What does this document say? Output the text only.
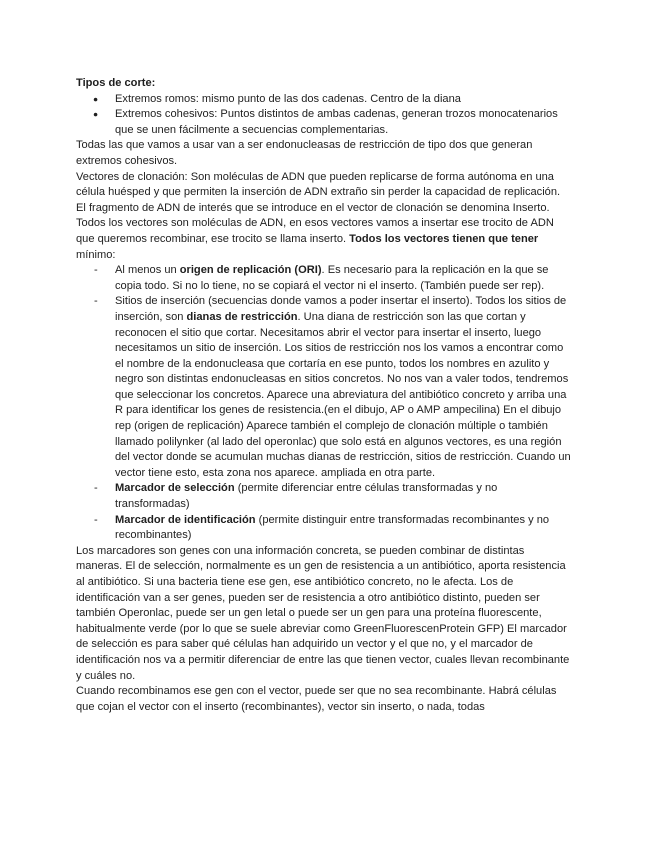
Tipos de corte:

● Extremos romos: mismo punto de las dos cadenas. Centro de la diana
● Extremos cohesivos: Puntos distintos de ambas cadenas, generan trozos monocatenarios que se unen fácilmente a secuencias complementarias.

Todas las que vamos a usar van a ser endonucleasas de restricción de tipo dos que generan extremos cohesivos.

Vectores de clonación: Son moléculas de ADN que pueden replicarse de forma autónoma en una célula huésped y que permiten la inserción de ADN extraño sin perder la capacidad de replicación. El fragmento de ADN de interés que se introduce en el vector de clonación se denomina Inserto.

Todos los vectores son moléculas de ADN, en esos vectores vamos a insertar ese trocito de ADN que queremos recombinar, ese trocito se llama inserto. Todos los vectores tienen que tener mínimo:

- Al menos un origen de replicación (ORI). Es necesario para la replicación en la que se copia todo. Si no lo tiene, no se copiará el vector ni el inserto. (También puede ser rep).
- Sitios de inserción (secuencias donde vamos a poder insertar el inserto). Todos los sitios de inserción, son dianas de restricción. Una diana de restricción son las que cortan y reconocen el sitio que cortar. Necesitamos abrir el vector para insertar el inserto, luego necesitamos un sitio de inserción. Los sitios de restricción nos los vamos a encontrar como el nombre de la endonucleasa que cortaría en ese punto, todos los nombres en azulito y negro son distintas endonucleasas en sitios concretos. No nos van a valer todos, tendremos que seleccionar los concretos. Aparece una abreviatura del antibiótico concreto y arriba una R para identificar los genes de resistencia.(en el dibujo, AP o AMP ampecilina) En el dibujo rep (origen de replicación) Aparece también el complejo de clonación múltiple o también llamado polilynker (al lado del operonlac) que solo está en algunos vectores, es una región del vector donde se acumulan muchas dianas de restricción, sitios de restricción. Cuando un vector tiene esto, esta zona nos aparece. ampliada en otra parte.
- Marcador de selección (permite diferenciar entre células transformadas y no transformadas)
- Marcador de identificación (permite distinguir entre transformadas recombinantes y no recombinantes)

Los marcadores son genes con una información concreta, se pueden combinar de distintas maneras. El de selección, normalmente es un gen de resistencia a un antibiótico, aporta resistencia al antibiótico. Si una bacteria tiene ese gen, ese antibiótico concreto, no le afecta. Los de identificación van a ser genes, pueden ser de resistencia a otro antibiótico distinto, pueden ser también Operonlac, puede ser un gen letal o puede ser un gen para una proteína fluorescente, habitualmente verde (por lo que se suele abreviar como GreenFluorescenProtein GFP) El marcador de selección es para saber qué células han adquirido un vector y el que no, y el marcador de identificación nos va a permitir diferenciar de entre las que tienen vector, cuales llevan recombinante y cuáles no.

Cuando recombinamos ese gen con el vector, puede ser que no sea recombinante. Habrá células que cojan el vector con el inserto (recombinantes), vector sin inserto, o nada, todas
